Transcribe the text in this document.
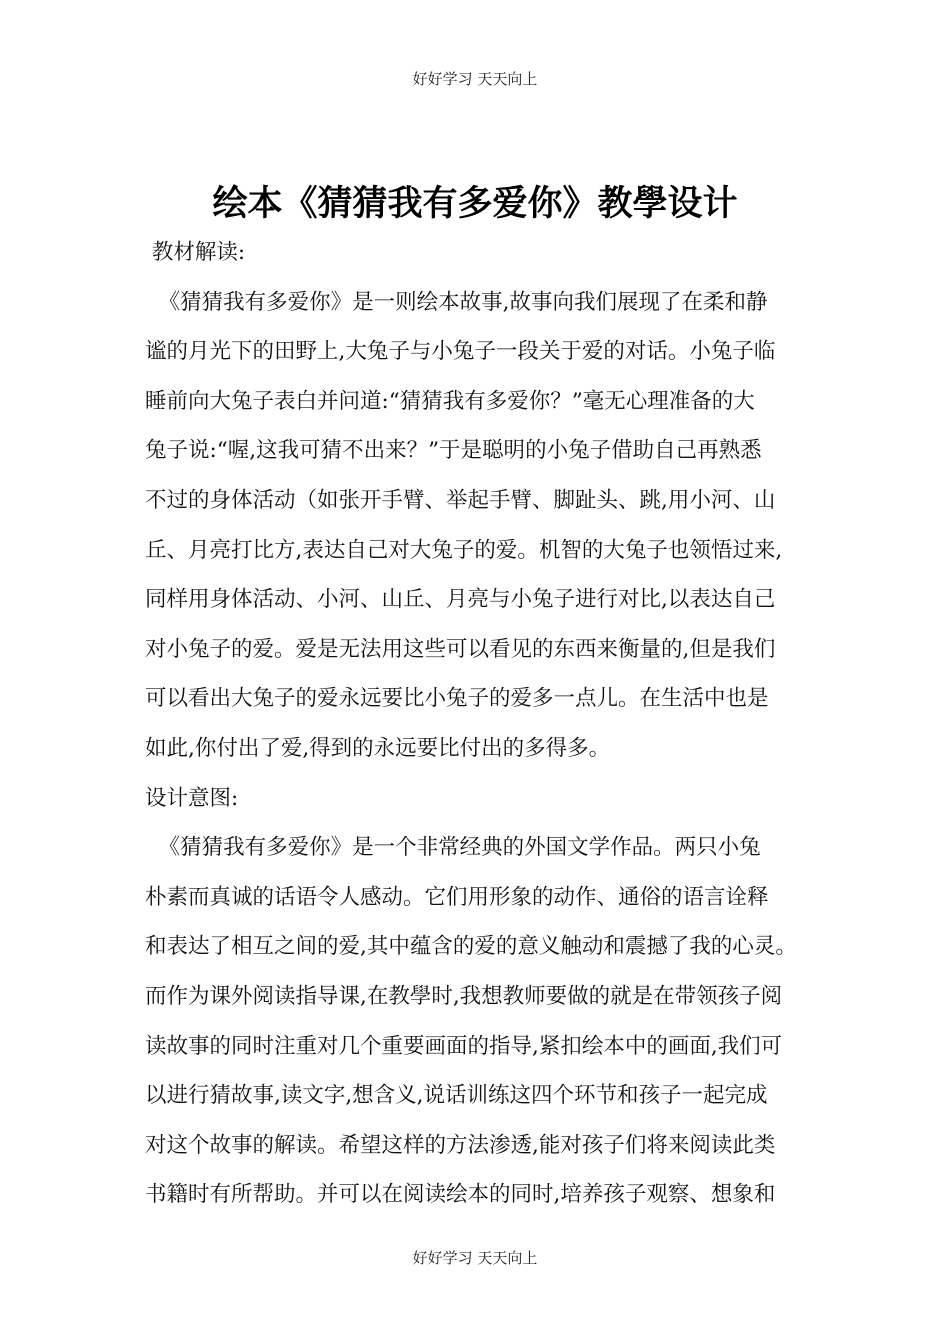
好好学习 天天向上
绘本《猜猜我有多爱你》教學设计
教材解读:
《猜猜我有多爱你》是一则绘本故事,故事向我们展现了在柔和静
谧的月光下的田野上,大兔子与小兔子一段关于爱的对话。小兔子临
睡前向大兔子表白并问道:“猜猜我有多爱你？”毫无心理准备的大
兔子说:“喔,这我可猜不出来？”于是聪明的小兔子借助自己再熟悉
不过的身体活动（如张开手臂、举起手臂、脚趾头、跳,用小河、山
丘、月亮打比方,表达自己对大兔子的爱。机智的大兔子也领悟过来,
同样用身体活动、小河、山丘、月亮与小兔子进行对比,以表达自己
对小兔子的爱。爱是无法用这些可以看见的东西来衡量的,但是我们
可以看出大兔子的爱永远要比小兔子的爱多一点儿。在生活中也是
如此,你付出了爱,得到的永远要比付出的多得多。
设计意图:
《猜猜我有多爱你》是一个非常经典的外国文学作品。两只小兔
朴素而真诚的话语令人感动。它们用形象的动作、通俗的语言诠释
和表达了相互之间的爱,其中蕴含的爱的意义触动和震撼了我的心灵。
而作为课外阅读指导课,在教學时,我想教师要做的就是在带领孩子阅
读故事的同时注重对几个重要画面的指导,紧扣绘本中的画面,我们可
以进行猜故事,读文字,想含义,说话训练这四个环节和孩子一起完成
对这个故事的解读。希望这样的方法渗透,能对孩子们将来阅读此类
书籍时有所帮助。并可以在阅读绘本的同时,培养孩子观察、想象和
好好学习 天天向上
